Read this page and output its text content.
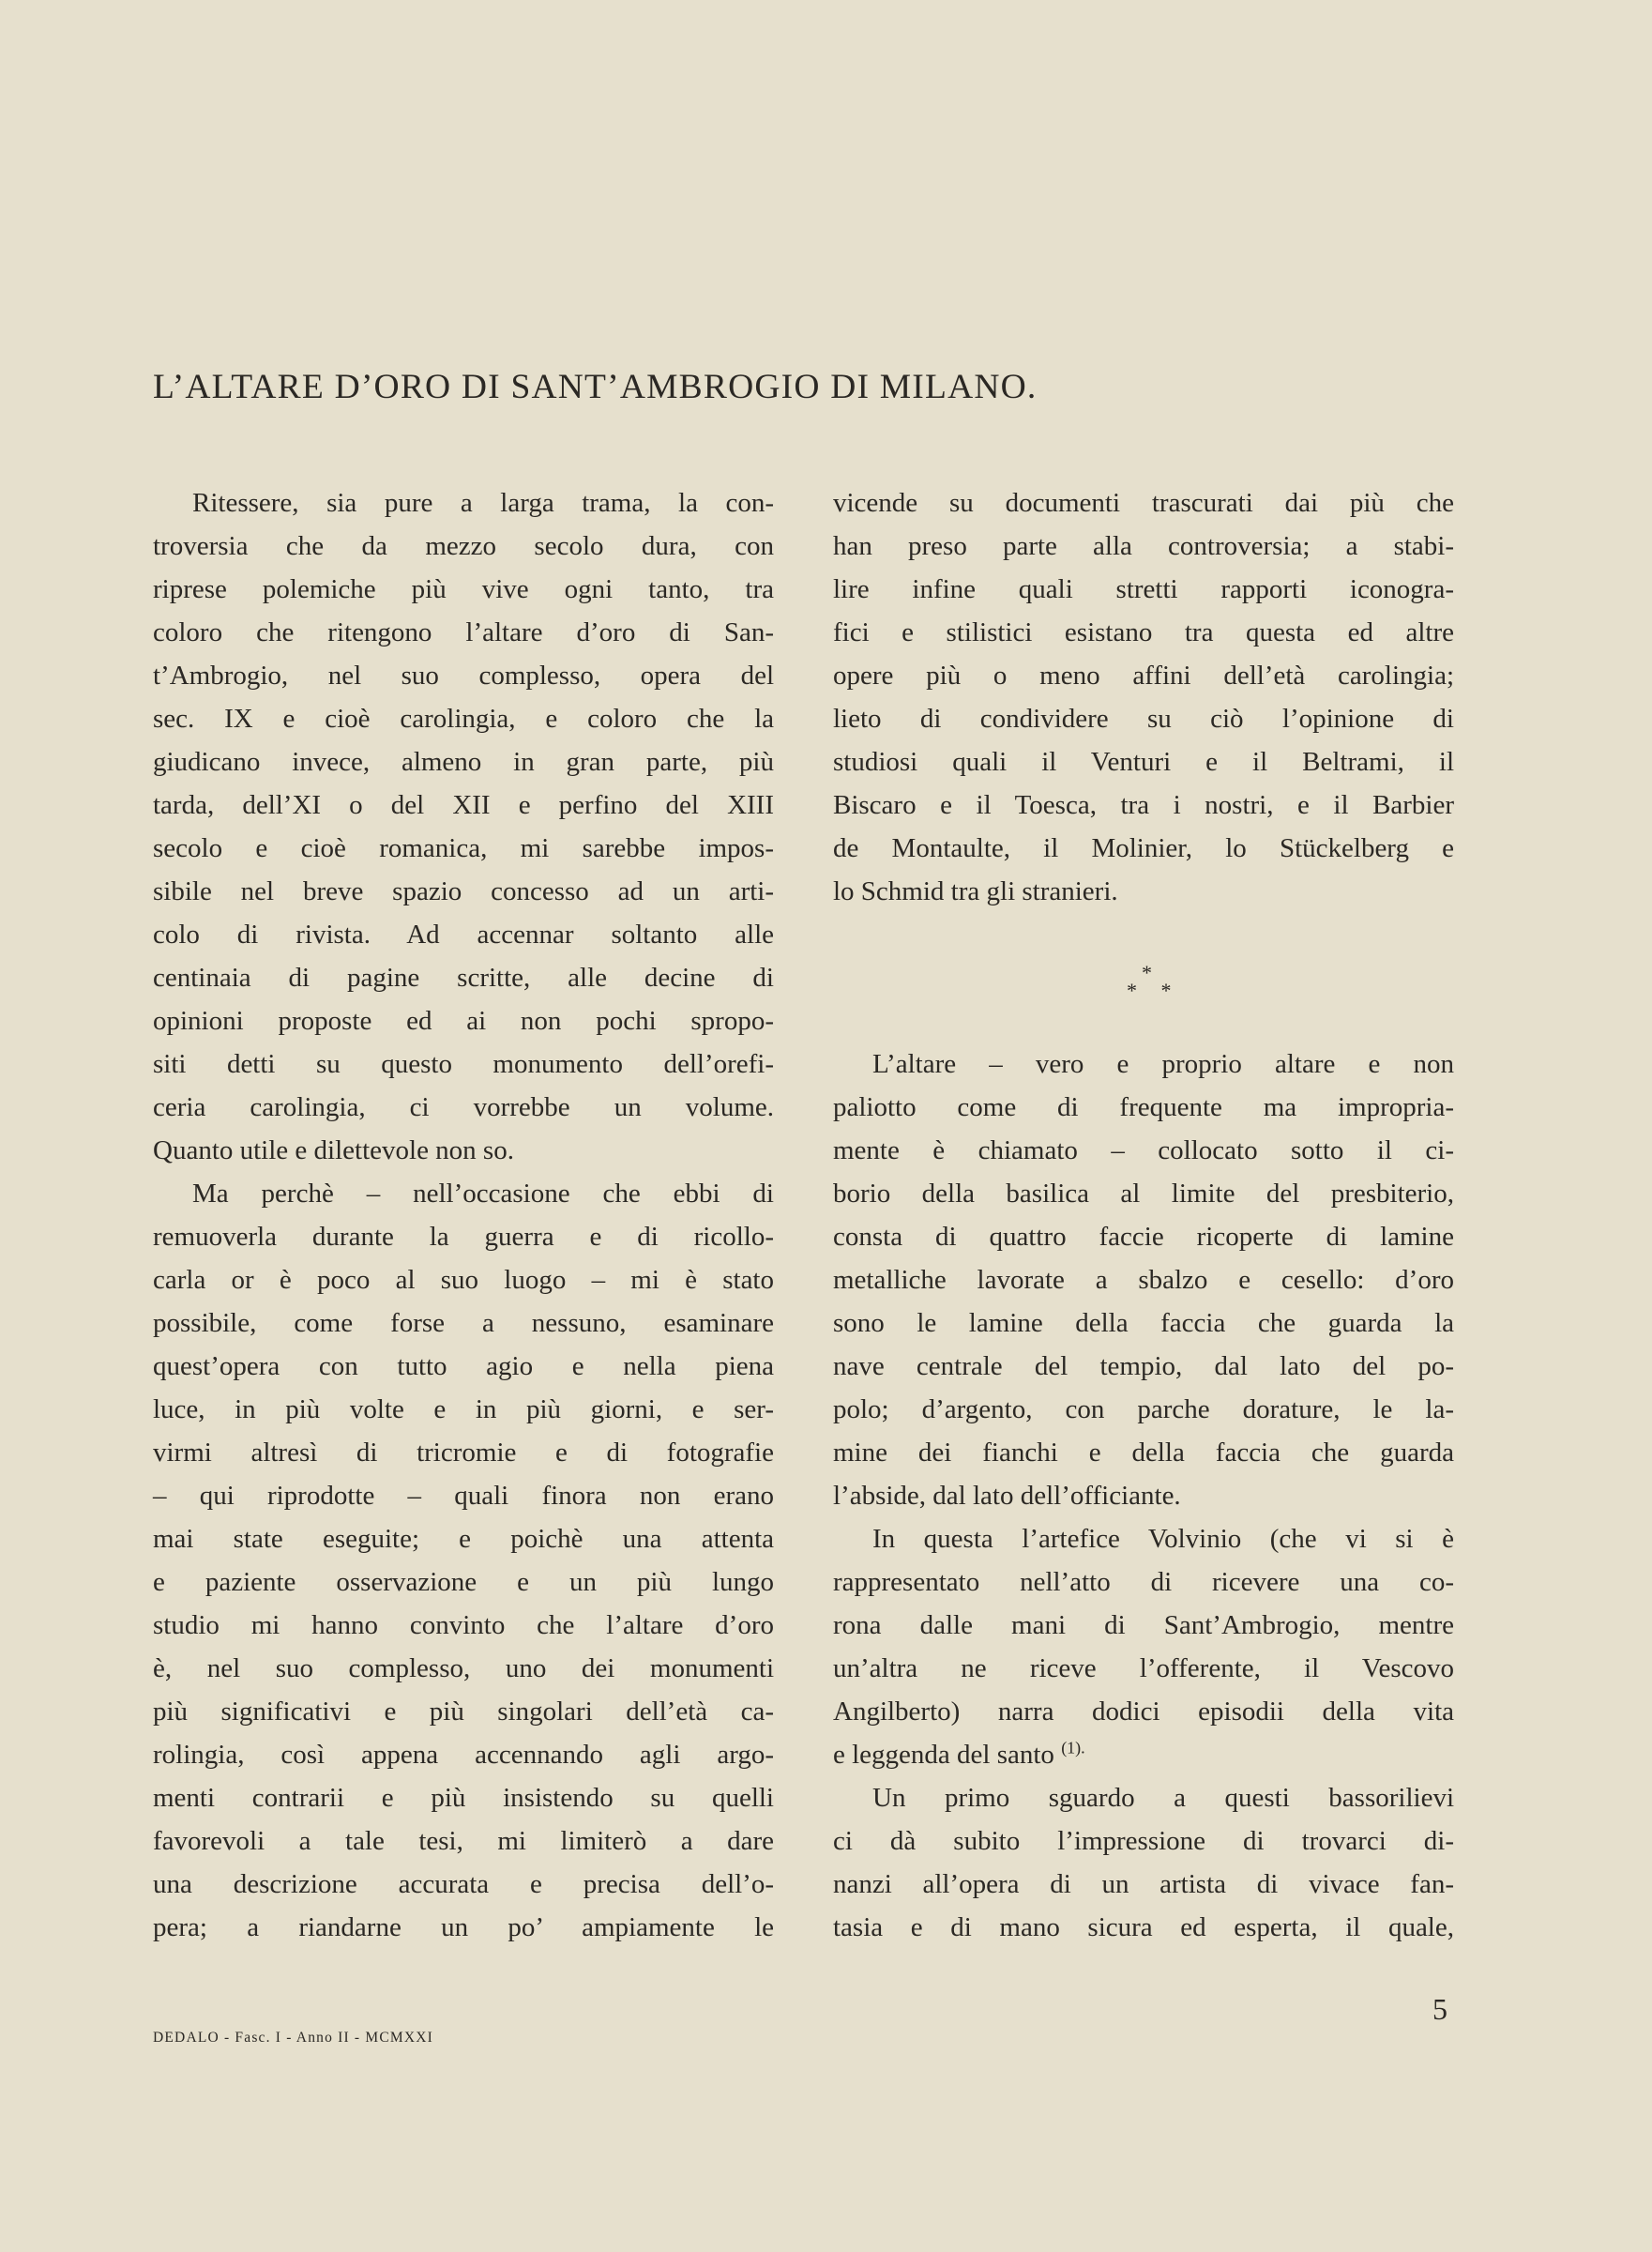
L’ALTARE D’ORO DI SANT’AMBROGIO DI MILANO.
Ritessere, sia pure a larga trama, la con-
troversia che da mezzo secolo dura, con
riprese polemiche più vive ogni tanto, tra
coloro che ritengono l’altare d’oro di San-
t’Ambrogio, nel suo complesso, opera del
sec. IX e cioè carolingia, e coloro che la
giudicano invece, almeno in gran parte, più
tarda, dell’XI o del XII e perfino del XIII
secolo e cioè romanica, mi sarebbe impos-
sibile nel breve spazio concesso ad un arti-
colo di rivista. Ad accennar soltanto alle
centinaia di pagine scritte, alle decine di
opinioni proposte ed ai non pochi spropo-
siti detti su questo monumento dell’orefi-
ceria carolingia, ci vorrebbe un volume.
Quanto utile e dilettevole non so.
Ma perchè – nell’occasione che ebbi di
remuoverla durante la guerra e di ricollo-
carla or è poco al suo luogo – mi è stato
possibile, come forse a nessuno, esaminare
quest’opera con tutto agio e nella piena
luce, in più volte e in più giorni, e ser-
virmi altresì di tricromie e di fotografie
– qui riprodotte – quali finora non erano
mai state eseguite; e poichè una attenta
e paziente osservazione e un più lungo
studio mi hanno convinto che l’altare d’oro
è, nel suo complesso, uno dei monumenti
più significativi e più singolari dell’età ca-
rolingia, così appena accennando agli argo-
menti contrarii e più insistendo su quelli
favorevoli a tale tesi, mi limiterò a dare
una descrizione accurata e precisa dell’o-
pera; a riandarne un po’ ampiamente le
vicende su documenti trascurati dai più che
han preso parte alla controversia; a stabi-
lire infine quali stretti rapporti iconogra-
fici e stilistici esistano tra questa ed altre
opere più o meno affini dell’età carolingia;
lieto di condividere su ciò l’opinione di
studiosi quali il Venturi e il Beltrami, il
Biscaro e il Toesca, tra i nostri, e il Barbier
de Montaulte, il Molinier, lo Stückelberg e
lo Schmid tra gli stranieri.
*
* *
L’altare – vero e proprio altare e non
paliotto come di frequente ma impropria-
mente è chiamato – collocato sotto il ci-
borio della basilica al limite del presbiterio,
consta di quattro faccie ricoperte di lamine
metalliche lavorate a sbalzo e cesello: d’oro
sono le lamine della faccia che guarda la
nave centrale del tempio, dal lato del po-
polo; d’argento, con parche dorature, le la-
mine dei fianchi e della faccia che guarda
l’abside, dal lato dell’officiante.
In questa l’artefice Volvinio (che vi si è
rappresentato nell’atto di ricevere una co-
rona dalle mani di Sant’Ambrogio, mentre
un’altra ne riceve l’offerente, il Vescovo
Angilberto) narra dodici episodii della vita
e leggenda del santo $^{(1).}$
Un primo sguardo a questi bassorilievi
ci dà subito l’impressione di trovarci di-
nanzi all’opera di un artista di vivace fan-
tasia e di mano sicura ed esperta, il quale,
5
DEDALO - Fasc. I - Anno II - MCMXXI
